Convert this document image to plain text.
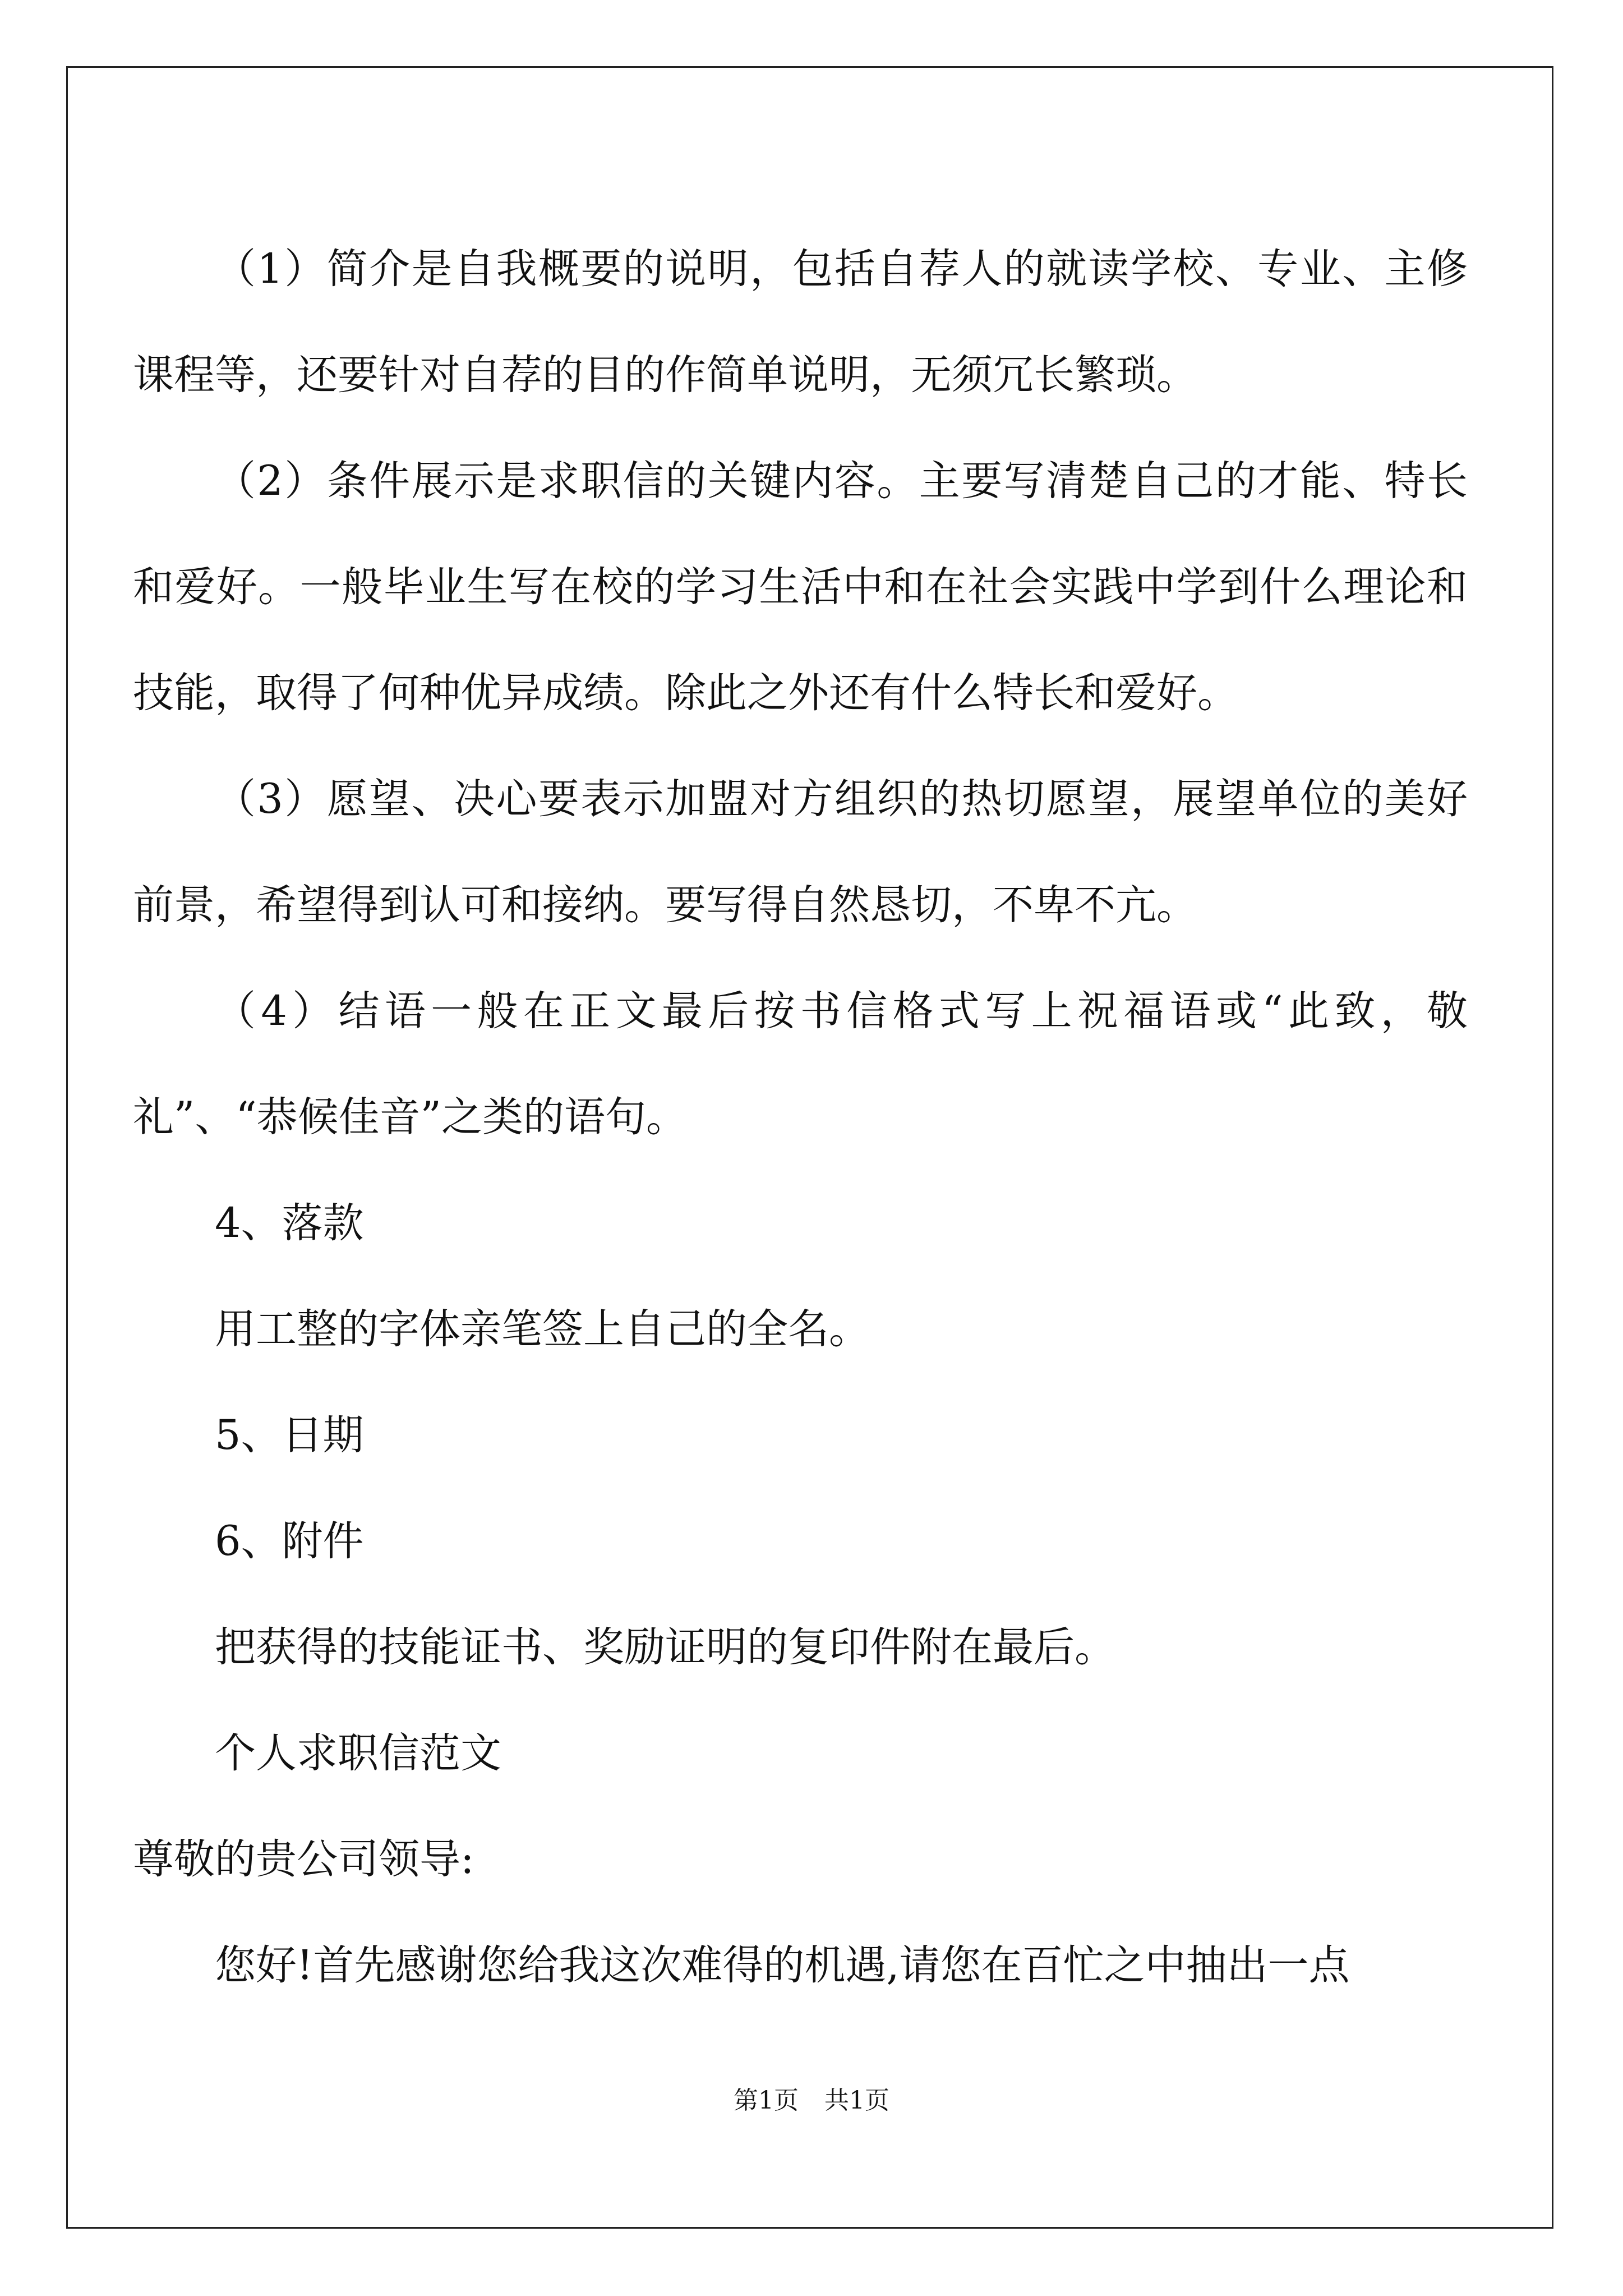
（1）简介是自我概要的说明，包括自荐人的就读学校、专业、主修课程等，还要针对自荐的目的作简单说明，无须冗长繁琐。

（2）条件展示是求职信的关键内容。主要写清楚自己的才能、特长和爱好。一般毕业生写在校的学习生活中和在社会实践中学到什么理论和技能，取得了何种优异成绩。除此之外还有什么特长和爱好。

（3）愿望、决心要表示加盟对方组织的热切愿望，展望单位的美好前景，希望得到认可和接纳。要写得自然恳切，不卑不亢。

（4）结语一般在正文最后按书信格式写上祝福语或“此致，敬礼”、“恭候佳音”之类的语句。

4、落款

用工整的字体亲笔签上自己的全名。

5、日期

6、附件

把获得的技能证书、奖励证明的复印件附在最后。

个人求职信范文

尊敬的贵公司领导:

您好!首先感谢您给我这次难得的机遇,请您在百忙之中抽出一点

第1页 共1页
